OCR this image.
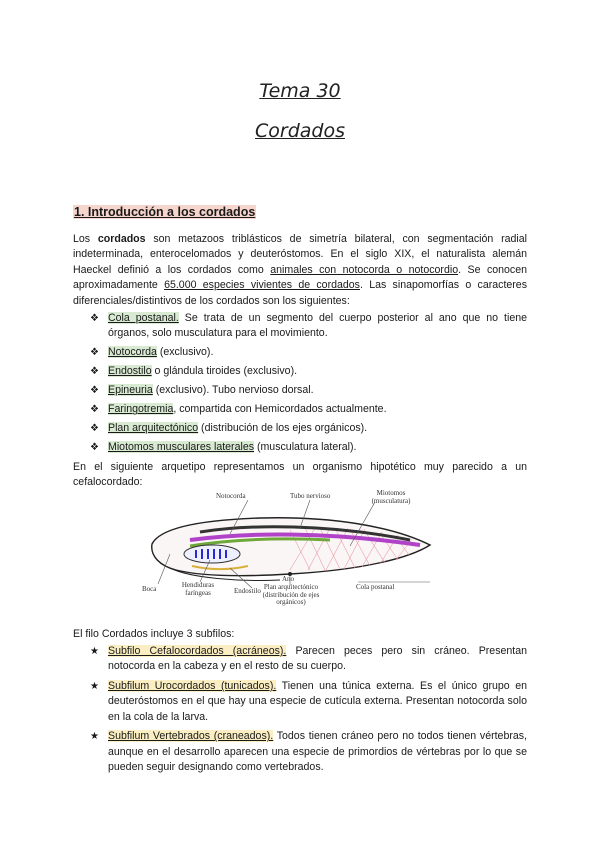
Tema 30
Cordados
1. Introducción a los cordados

Los cordados son metazoos triblásticos de simetría bilateral, con segmentación radial indeterminada, enterocelomados y deuteróstomos. En el siglo XIX, el naturalista alemán Haeckel definió a los cordados como animales con notocorda o notocordio. Se conocen aproximadamente 65.000 especies vivientes de cordados. Las sinapomorfías o caracteres diferenciales/distintivos de los cordados son los siguientes:

❖ Cola postanal. Se trata de un segmento del cuerpo posterior al ano que no tiene órganos, solo musculatura para el movimiento.
❖ Notocorda (exclusivo).
❖ Endostilo o glándula tiroides (exclusivo).
❖ Epineuria (exclusivo). Tubo nervioso dorsal.
❖ Faringotremia, compartida con Hemicordados actualmente.
❖ Plan arquitectónico (distribución de los ejes orgánicos).
❖ Miotomos musculares laterales (musculatura lateral).

En el siguiente arquetipo representamos un organismo hipotético muy parecido a un cefalocordado:

Notocorda	Tubo nervioso	Miotomos (musculatura)
Boca	Hendiduras faríngeas	Endostilo
Ano
Plan arquitectónico (distribución de ejes orgánicos)
Cola postanal

El filo Cordados incluye 3 subfilos:

★ Subfilo Cefalocordados (acráneos). Parecen peces pero sin cráneo. Presentan notocorda en la cabeza y en el resto de su cuerpo.
★ Subfilum Urocordados (tunicados). Tienen una túnica externa. Es el único grupo en deuteróstomos en el que hay una especie de cutícula externa. Presentan notocorda solo en la cola de la larva.
★ Subfilum Vertebrados (craneados). Todos tienen cráneo pero no todos tienen vértebras, aunque en el desarrollo aparecen una especie de primordios de vértebras por lo que se pueden seguir designando como vertebrados.
